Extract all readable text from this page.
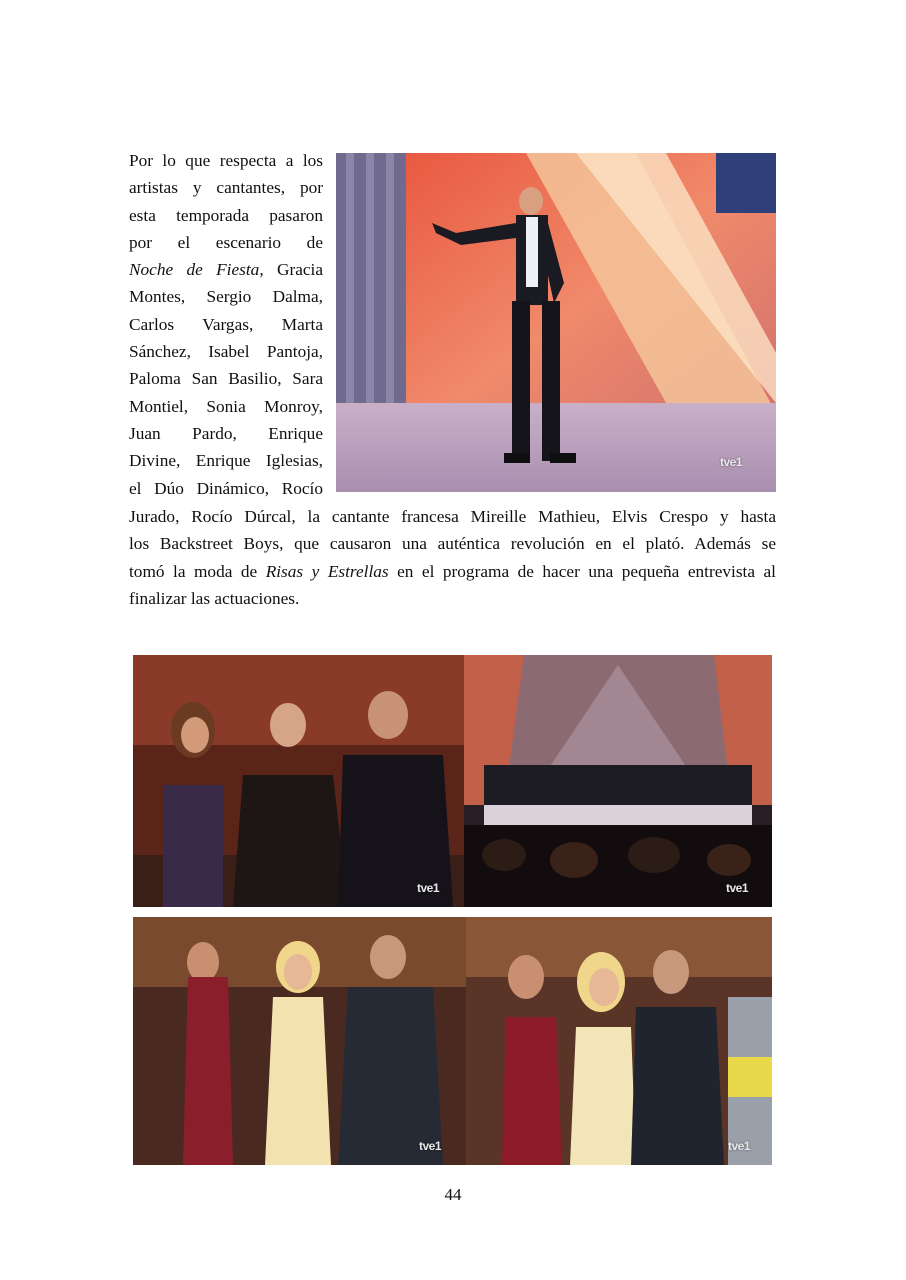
Por lo que respecta a los
artistas y cantantes, por
esta temporada pasaron
por el escenario de
Noche de Fiesta, Gracia
Montes, Sergio Dalma,
Carlos Vargas, Marta
Sánchez, Isabel Pantoja,
Paloma San Basilio, Sara
Montiel, Sonia Monroy,
Juan Pardo, Enrique
Divine, Enrique Iglesias,
el Dúo Dinámico, Rocío
Jurado, Rocío Dúrcal, la cantante francesa Mireille Mathieu, Elvis Crespo y hasta
los Backstreet Boys, que causaron una auténtica revolución en el plató. Además se
tomó la moda de Risas y Estrellas en el programa de hacer una pequeña entrevista al
finalizar las actuaciones.
tve1
tve1	tve1
tve1	tve1
44
